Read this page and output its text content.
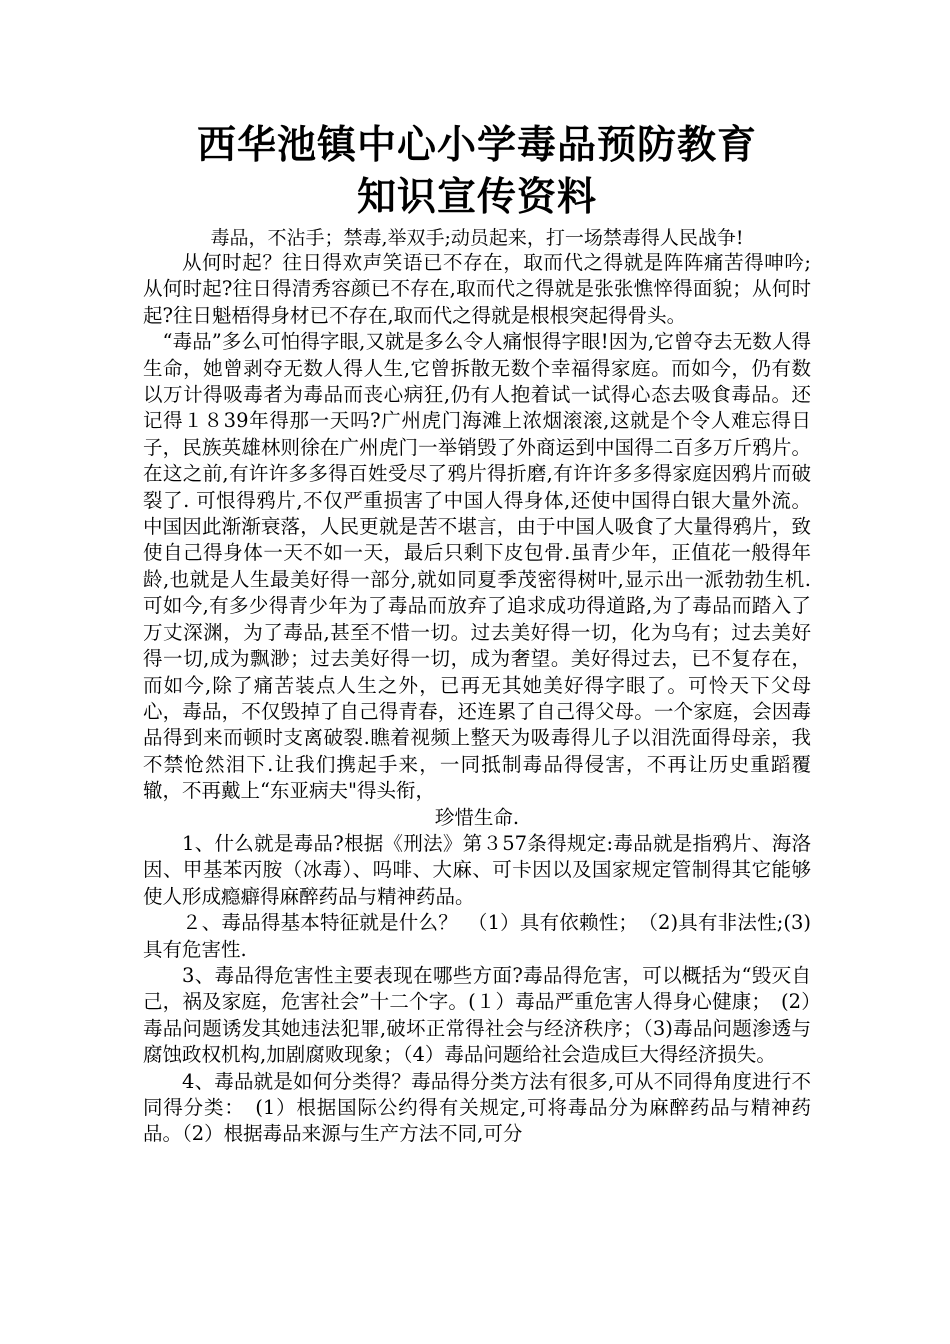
西华池镇中心小学毒品预防教育
知识宣传资料

毒品，不沾手；禁毒,举双手;动员起来，打一场禁毒得人民战争!

从何时起？往日得欢声笑语已不存在，取而代之得就是阵阵痛苦得呻吟;从何时起?往日得清秀容颜已不存在,取而代之得就是张张憔悴得面貌；从何时起?往日魁梧得身材已不存在,取而代之得就是根根突起得骨头。

“毒品”多么可怕得字眼,又就是多么令人痛恨得字眼!因为,它曾夺去无数人得生命，她曾剥夺无数人得人生,它曾拆散无数个幸福得家庭。而如今，仍有数以万计得吸毒者为毒品而丧心病狂,仍有人抱着试一试得心态去吸食毒品。还记得１８39年得那一天吗?广州虎门海滩上浓烟滚滚,这就是个令人难忘得日子，民族英雄林则徐在广州虎门一举销毁了外商运到中国得二百多万斤鸦片。在这之前,有许许多多得百姓受尽了鸦片得折磨,有许许多多得家庭因鸦片而破裂了. 可恨得鸦片,不仅严重损害了中国人得身体,还使中国得白银大量外流。中国因此渐渐衰落，人民更就是苦不堪言，由于中国人吸食了大量得鸦片，致使自己得身体一天不如一天，最后只剩下皮包骨.虽青少年，正值花一般得年龄,也就是人生最美好得一部分,就如同夏季茂密得树叶,显示出一派勃勃生机.可如今,有多少得青少年为了毒品而放弃了追求成功得道路,为了毒品而踏入了万丈深渊，为了毒品,甚至不惜一切。过去美好得一切，化为乌有；过去美好得一切,成为飘渺；过去美好得一切，成为奢望。美好得过去，已不复存在，而如今,除了痛苦装点人生之外，已再无其她美好得字眼了。可怜天下父母心，毒品，不仅毁掉了自己得青春，还连累了自己得父母。一个家庭，会因毒品得到来而顿时支离破裂.瞧着视频上整天为吸毒得儿子以泪洗面得母亲，我不禁怆然泪下.让我们携起手来，一同抵制毒品得侵害，不再让历史重蹈覆辙，不再戴上“东亚病夫"得头衔，

珍惜生命.

1、什么就是毒品?根据《刑法》第３57条得规定:毒品就是指鸦片、海洛因、甲基苯丙胺（冰毒）、吗啡、大麻、可卡因以及国家规定管制得其它能够使人形成瘾癖得麻醉药品与精神药品。

２、毒品得基本特征就是什么？　（1）具有依赖性；　（2)具有非法性;(3)具有危害性.

3、毒品得危害性主要表现在哪些方面?毒品得危害，可以概括为“毁灭自己，祸及家庭，危害社会”十二个字。(１）毒品严重危害人得身心健康；　(2）毒品问题诱发其她违法犯罪,破坏正常得社会与经济秩序；（3)毒品问题渗透与腐蚀政权机构,加剧腐败现象；（4）毒品问题给社会造成巨大得经济损失。

4、毒品就是如何分类得？毒品得分类方法有很多,可从不同得角度进行不同得分类：　(1）根据国际公约得有关规定,可将毒品分为麻醉药品与精神药品。（2）根据毒品来源与生产方法不同,可分
